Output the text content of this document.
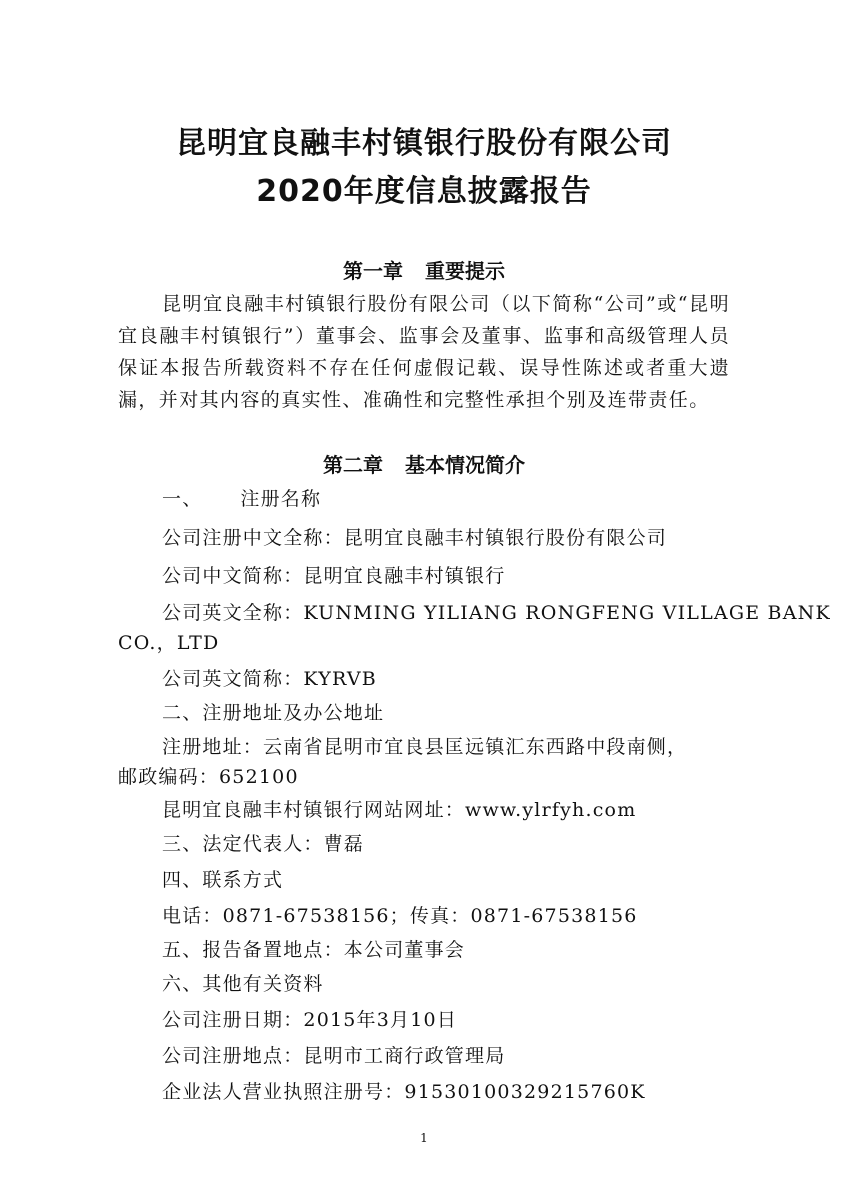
昆明宜良融丰村镇银行股份有限公司
2020年度信息披露报告
第一章 重要提示

昆明宜良融丰村镇银行股份有限公司（以下简称“公司”或“昆明宜良融丰村镇银行”）董事会、监事会及董事、监事和高级管理人员保证本报告所载资料不存在任何虚假记载、误导性陈述或者重大遗漏，并对其内容的真实性、准确性和完整性承担个别及连带责任。

第二章 基本情况简介

一、 注册名称

公司注册中文全称：昆明宜良融丰村镇银行股份有限公司

公司中文简称：昆明宜良融丰村镇银行

公司英文全称：KUNMING YILIANG RONGFENG VILLAGE BANK
CO.，LTD

公司英文简称：KYRVB

二、注册地址及办公地址

注册地址：云南省昆明市宜良县匡远镇汇东西路中段南侧，
邮政编码：652100

昆明宜良融丰村镇银行网站网址：www.ylrfyh.com

三、法定代表人：曹磊

四、联系方式

电话：0871-67538156；传真：0871-67538156

五、报告备置地点：本公司董事会

六、其他有关资料

公司注册日期：2015年3月10日

公司注册地点：昆明市工商行政管理局

企业法人营业执照注册号：91530100329215760K

1
